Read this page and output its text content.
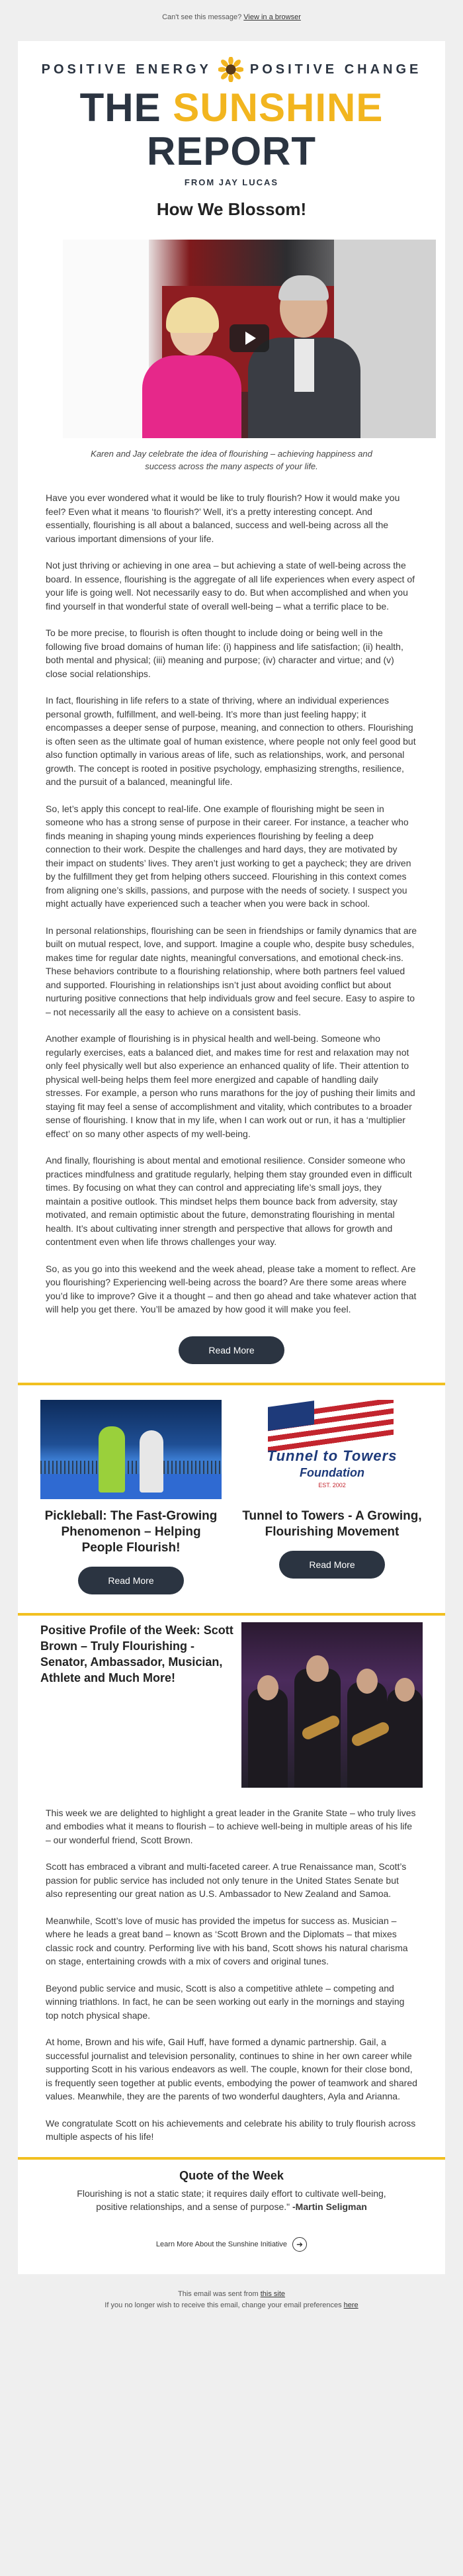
Can't see this message? View in a browser
POSITIVE ENERGY	POSITIVE CHANGE
THE SUNSHINE REPORT
FROM JAY LUCAS
How We Blossom!
Karen and Jay celebrate the idea of flourishing – achieving happiness and success across the many aspects of your life.

Have you ever wondered what it would be like to truly flourish? How it would make you feel? Even what it means ‘to flourish?’ Well, it’s a pretty interesting concept. And essentially, flourishing is all about a balanced, success and well-being across all the various important dimensions of your life.

Not just thriving or achieving in one area – but achieving a state of well-being across the board. In essence, flourishing is the aggregate of all life experiences when every aspect of your life is going well. Not necessarily easy to do. But when accomplished and when you find yourself in that wonderful state of overall well-being – what a terrific place to be.

To be more precise, to flourish is often thought to include doing or being well in the following five broad domains of human life: (i) happiness and life satisfaction; (ii) health, both mental and physical; (iii) meaning and purpose; (iv) character and virtue; and (v) close social relationships.

In fact, flourishing in life refers to a state of thriving, where an individual experiences personal growth, fulfillment, and well-being. It’s more than just feeling happy; it encompasses a deeper sense of purpose, meaning, and connection to others. Flourishing is often seen as the ultimate goal of human existence, where people not only feel good but also function optimally in various areas of life, such as relationships, work, and personal growth. The concept is rooted in positive psychology, emphasizing strengths, resilience, and the pursuit of a balanced, meaningful life.

So, let’s apply this concept to real-life. One example of flourishing might be seen in someone who has a strong sense of purpose in their career. For instance, a teacher who finds meaning in shaping young minds experiences flourishing by feeling a deep connection to their work. Despite the challenges and hard days, they are motivated by their impact on students’ lives. They aren’t just working to get a paycheck; they are driven by the fulfillment they get from helping others succeed. Flourishing in this context comes from aligning one’s skills, passions, and purpose with the needs of society. I suspect you might actually have experienced such a teacher when you were back in school.

In personal relationships, flourishing can be seen in friendships or family dynamics that are built on mutual respect, love, and support. Imagine a couple who, despite busy schedules, makes time for regular date nights, meaningful conversations, and emotional check-ins. These behaviors contribute to a flourishing relationship, where both partners feel valued and supported. Flourishing in relationships isn’t just about avoiding conflict but about nurturing positive connections that help individuals grow and feel secure. Easy to aspire to – not necessarily all the easy to achieve on a consistent basis.

Another example of flourishing is in physical health and well-being. Someone who regularly exercises, eats a balanced diet, and makes time for rest and relaxation may not only feel physically well but also experience an enhanced quality of life. Their attention to physical well-being helps them feel more energized and capable of handling daily stresses. For example, a person who runs marathons for the joy of pushing their limits and staying fit may feel a sense of accomplishment and vitality, which contributes to a broader sense of flourishing. I know that in my life, when I can work out or run, it has a ‘multiplier effect’ on so many other aspects of my well-being.

And finally, flourishing is about mental and emotional resilience. Consider someone who practices mindfulness and gratitude regularly, helping them stay grounded even in difficult times. By focusing on what they can control and appreciating life’s small joys, they maintain a positive outlook. This mindset helps them bounce back from adversity, stay motivated, and remain optimistic about the future, demonstrating flourishing in mental health. It’s about cultivating inner strength and perspective that allows for growth and contentment even when life throws challenges your way.

So, as you go into this weekend and the week ahead, please take a moment to reflect. Are you flourishing? Experiencing well-being across the board? Are there some areas where you’d like to improve? Give it a thought – and then go ahead and take whatever action that will help you get there. You’ll be amazed by how good it will make you feel.

Read More
Pickleball: The Fast-Growing Phenomenon – Helping People Flourish!
Read More
Tunnel to Towers
Foundation
EST. 2002
Tunnel to Towers - A Growing, Flourishing Movement
Read More
Positive Profile of the Week: Scott Brown – Truly Flourishing - Senator, Ambassador, Musician, Athlete and Much More!

This week we are delighted to highlight a great leader in the Granite State – who truly lives and embodies what it means to flourish – to achieve well-being in multiple areas of his life – our wonderful friend, Scott Brown.

Scott has embraced a vibrant and multi-faceted career. A true Renaissance man, Scott’s passion for public service has included not only tenure in the United States Senate but also representing our great nation as U.S. Ambassador to New Zealand and Samoa.

Meanwhile, Scott’s love of music has provided the impetus for success as. Musician – where he leads a great band – known as ‘Scott Brown and the Diplomats – that mixes classic rock and country. Performing live with his band, Scott shows his natural charisma on stage, entertaining crowds with a mix of covers and original tunes.

Beyond public service and music, Scott is also a competitive athlete – competing and winning triathlons. In fact, he can be seen working out early in the mornings and staying top notch physical shape.

At home, Brown and his wife, Gail Huff, have formed a dynamic partnership. Gail, a successful journalist and television personality, continues to shine in her own career while supporting Scott in his various endeavors as well. The couple, known for their close bond, is frequently seen together at public events, embodying the power of teamwork and shared values. Meanwhile, they are the parents of two wonderful daughters, Ayla and Arianna.

We congratulate Scott on his achievements and celebrate his ability to truly flourish across multiple aspects of his life!

Quote of the Week

Flourishing is not a static state; it requires daily effort to cultivate well-being, positive relationships, and a sense of purpose." -Martin Seligman

Learn More About the Sunshine Initiative	➜
This email was sent from this site
If you no longer wish to receive this email, change your email preferences here
